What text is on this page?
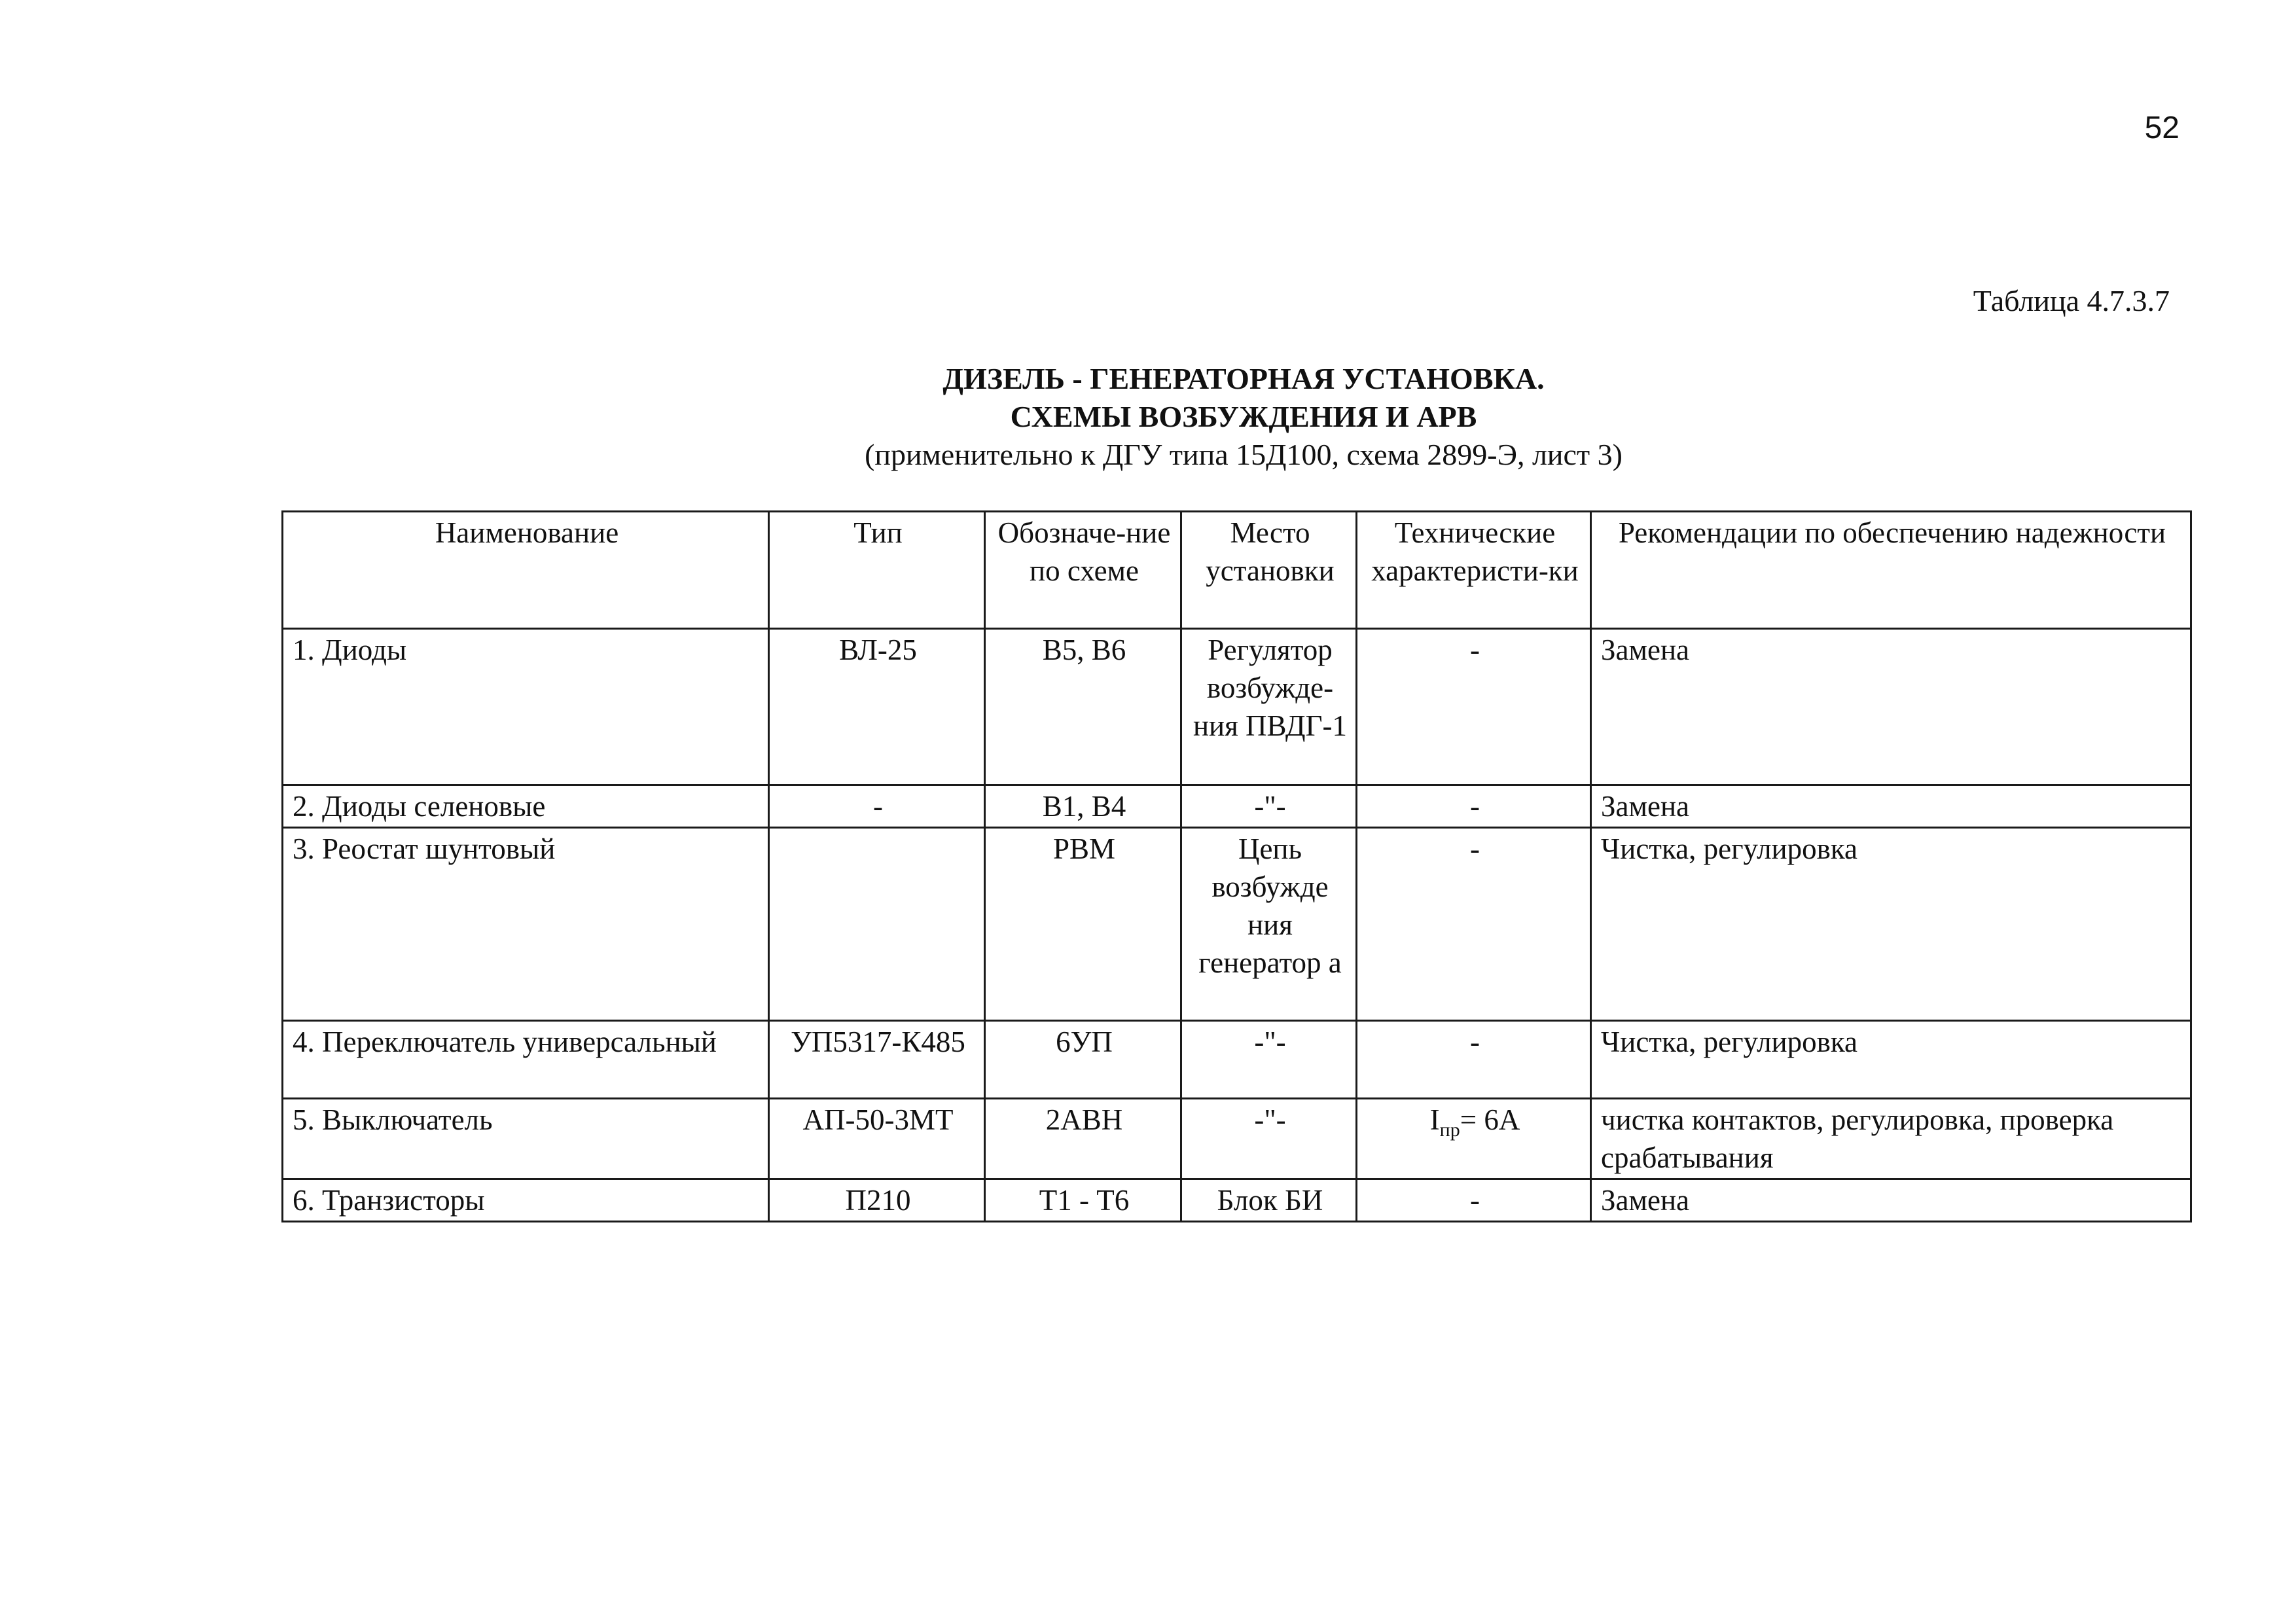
52
Таблица 4.7.3.7
ДИЗЕЛЬ - ГЕНЕРАТОРНАЯ УСТАНОВКА.
СХЕМЫ ВОЗБУЖДЕНИЯ И АРВ
(применительно к ДГУ типа 15Д100, схема 2899-Э, лист 3)
Наименование	Тип	Обозначе-ние по схеме	Место установки	Технические характеристи-ки	Рекомендации по обеспечению надежности
1. Диоды	ВЛ-25	В5, В6	Регулятор возбужде-ния ПВДГ-1	-	Замена
2. Диоды селеновые	-	В1, В4	-"-	-	Замена
3. Реостат шунтовый		РВМ	Цепь возбужде ния генератор а	-	Чистка, регулировка
4. Переключатель универсальный	УП5317-К485	6УП	-"-	-	Чистка, регулировка
5. Выключатель	АП-50-3МТ	2АВН	-"-	$I_{пр}= 6А$	чистка контактов, регулировка, проверка срабатывания
6. Транзисторы	П210	Т1 - Т6	Блок БИ	-	Замена
